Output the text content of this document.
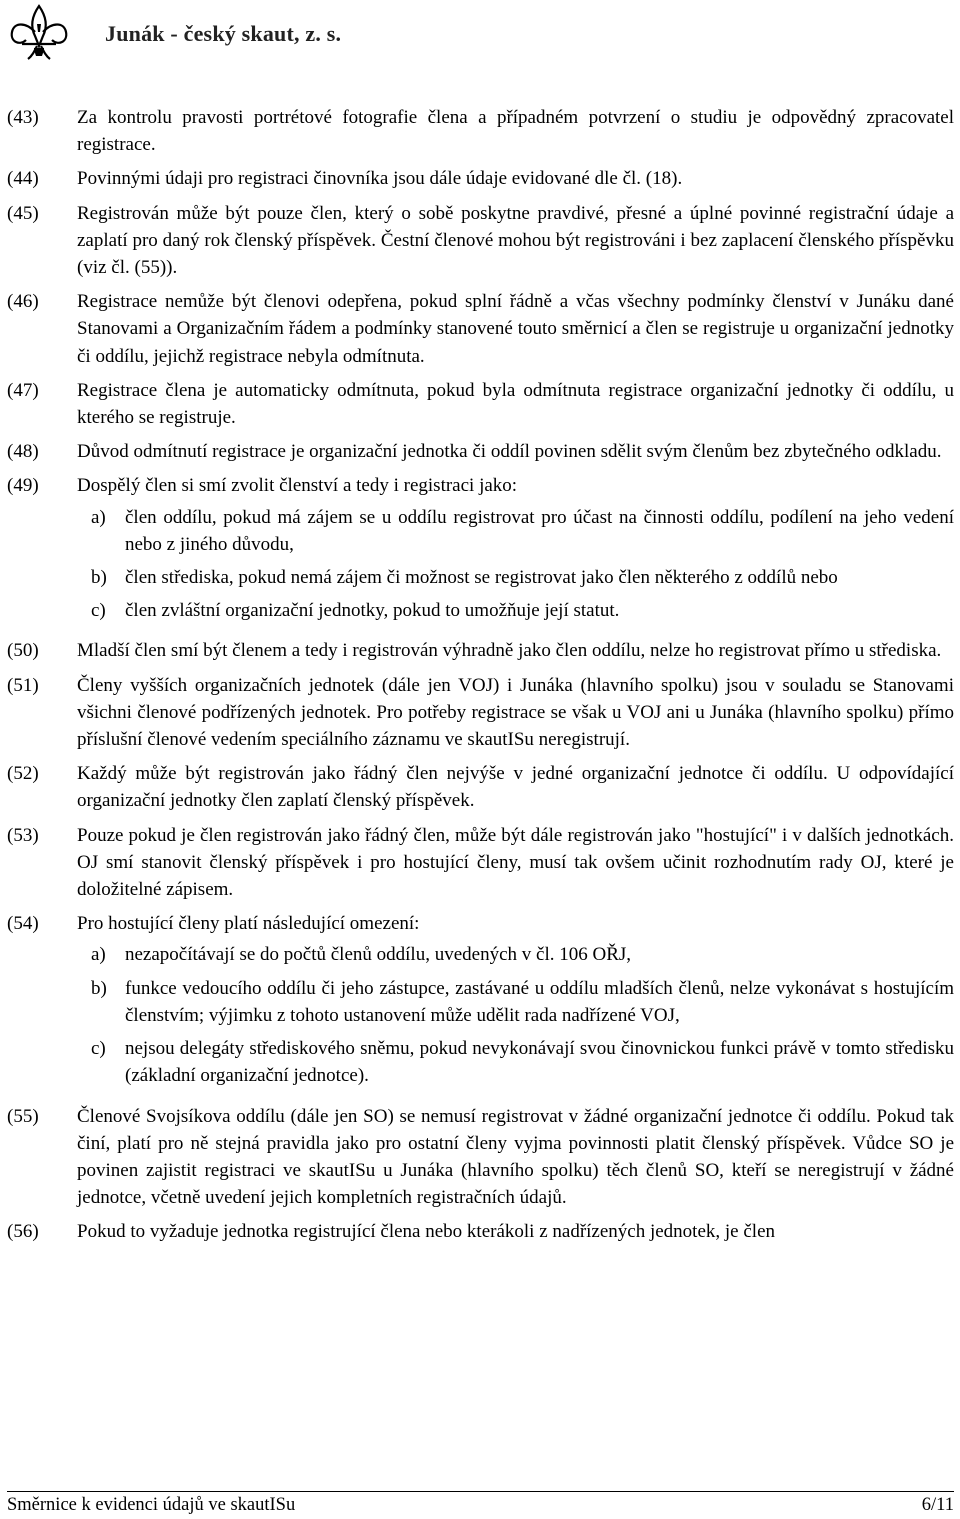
Junák - český skaut, z. s.
(43)	Za kontrolu pravosti portrétové fotografie člena a případném potvrzení o studiu je odpovědný zpracovatel registrace.
(44)	Povinnými údaji pro registraci činovníka jsou dále údaje evidované dle čl. (18).
(45)	Registrován může být pouze člen, který o sobě poskytne pravdivé, přesné a úplné povinné registrační údaje a zaplatí pro daný rok členský příspěvek. Čestní členové mohou být registrováni i bez zaplacení členského příspěvku (viz čl. (55)).
(46)	Registrace nemůže být členovi odepřena, pokud splní řádně a včas všechny podmínky členství v Junáku dané Stanovami a Organizačním řádem a podmínky stanovené touto směrnicí a člen se registruje u organizační jednotky či oddílu, jejichž registrace nebyla odmítnuta.
(47)	Registrace člena je automaticky odmítnuta, pokud byla odmítnuta registrace organizační jednotky či oddílu, u kterého se registruje.
(48)	Důvod odmítnutí registrace je organizační jednotka či oddíl povinen sdělit svým členům bez zbytečného odkladu.
(49)	Dospělý člen si smí zvolit členství a tedy i registraci jako:
a)	člen oddílu, pokud má zájem se u oddílu registrovat pro účast na činnosti oddílu, podílení na jeho vedení nebo z jiného důvodu,
b) člen střediska, pokud nemá zájem či možnost se registrovat jako člen některého z oddílů nebo
c)	člen zvláštní organizační jednotky, pokud to umožňuje její statut.
(50)	Mladší člen smí být členem a tedy i registrován výhradně jako člen oddílu, nelze ho registrovat přímo u střediska.
(51)	Členy vyšších organizačních jednotek (dále jen VOJ) i Junáka (hlavního spolku) jsou v souladu se Stanovami všichni členové podřízených jednotek. Pro potřeby registrace se však u VOJ ani u Junáka (hlavního spolku) přímo příslušní členové vedením speciálního záznamu ve skautISu neregistrují.
(52)	Každý může být registrován jako řádný člen nejvýše v jedné organizační jednotce či oddílu. U odpovídající organizační jednotky člen zaplatí členský příspěvek.
(53)	Pouze pokud je člen registrován jako řádný člen, může být dále registrován jako "hostující" i v dalších jednotkách. OJ smí stanovit členský příspěvek i pro hostující členy, musí tak ovšem učinit rozhodnutím rady OJ, které je doložitelné zápisem.
(54)	Pro hostující členy platí následující omezení:
a)	nezapočítávají se do počtů členů oddílu, uvedených v čl. 106 OŘJ,
b) funkce vedoucího oddílu či jeho zástupce, zastávané u oddílu mladších členů, nelze vykonávat s hostujícím členstvím; výjimku z tohoto ustanovení může udělit rada nadřízené VOJ,
c)	nejsou delegáty střediskového sněmu, pokud nevykonávají svou činovnickou funkci právě v tomto středisku (základní organizační jednotce).
(55)	Členové Svojsíkova oddílu (dále jen SO) se nemusí registrovat v žádné organizační jednotce či oddílu. Pokud tak činí, platí pro ně stejná pravidla jako pro ostatní členy vyjma povinnosti platit členský příspěvek. Vůdce SO je povinen zajistit registraci ve skautISu u Junáka (hlavního spolku) těch členů SO, kteří se neregistrují v žádné jednotce, včetně uvedení jejich kompletních registračních údajů.
(56)	Pokud to vyžaduje jednotka registrující člena nebo kterákoli z nadřízených jednotek, je člen
Směrnice k evidenci údajů ve skautISu	6/11
